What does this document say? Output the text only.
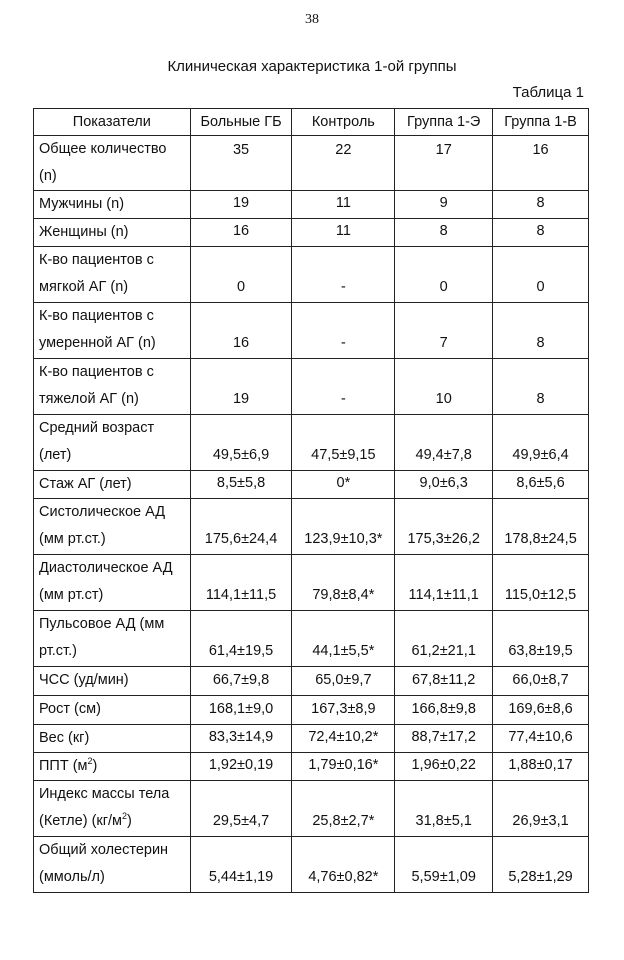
38
Клиническая характеристика 1-ой группы
Таблица 1
Показатели	Больные ГБ	Контроль	Группа 1-Э	Группа 1-В
Общее количество (n)	35	22	17	16
Мужчины (n)	19	11	9	8
Женщины (n)	16	11	8	8
К-во пациентов с мягкой АГ (n)	0	-	0	0
К-во пациентов с умеренной АГ (n)	16	-	7	8
К-во пациентов с тяжелой АГ (n)	19	-	10	8
Средний возраст (лет)	49,5±6,9	47,5±9,15	49,4±7,8	49,9±6,4
Стаж АГ (лет)	8,5±5,8	0*	9,0±6,3	8,6±5,6
Систолическое АД (мм рт.ст.)	175,6±24,4	123,9±10,3*	175,3±26,2	178,8±24,5
Диастолическое АД (мм рт.ст)	114,1±11,5	79,8±8,4*	114,1±11,1	115,0±12,5
Пульсовое АД (мм рт.ст.)	61,4±19,5	44,1±5,5*	61,2±21,1	63,8±19,5
ЧСС (уд/мин)	66,7±9,8	65,0±9,7	67,8±11,2	66,0±8,7
Рост (см)	168,1±9,0	167,3±8,9	166,8±9,8	169,6±8,6
Вес (кг)	83,3±14,9	72,4±10,2*	88,7±17,2	77,4±10,6
ППТ $(м^2)$	1,92±0,19	1,79±0,16*	1,96±0,22	1,88±0,17
Индекс массы тела (Кетле) $(кг/м^2)$	29,5±4,7	25,8±2,7*	31,8±5,1	26,9±3,1
Общий холестерин (ммоль/л)	5,44±1,19	4,76±0,82*	5,59±1,09	5,28±1,29
